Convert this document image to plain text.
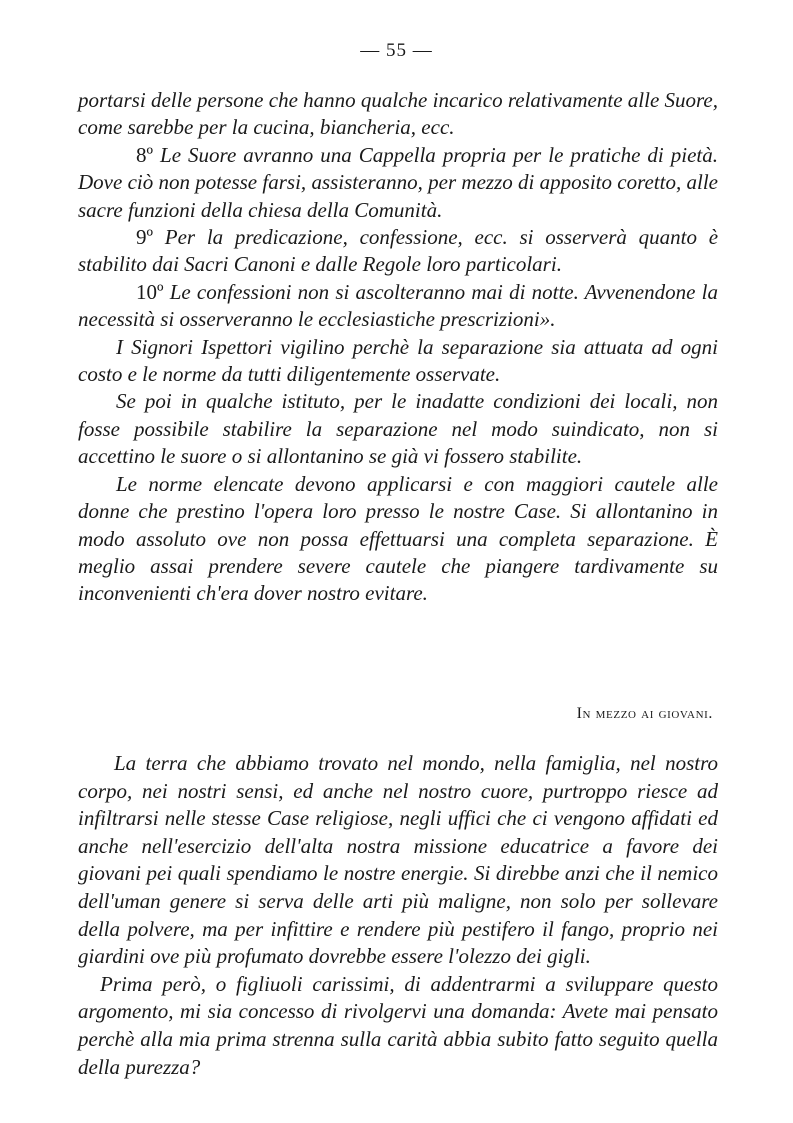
— 55 —

portarsi delle persone che hanno qualche incarico relativamente alle Suore, come sarebbe per la cucina, biancheria, ecc.

8º Le Suore avranno una Cappella propria per le pratiche di pietà. Dove ciò non potesse farsi, assisteranno, per mezzo di apposito coretto, alle sacre funzioni della chiesa della Comunità.

9º Per la predicazione, confessione, ecc. si osserverà quanto è stabilito dai Sacri Canoni e dalle Regole loro particolari.

10º Le confessioni non si ascolteranno mai di notte. Avvenendone la necessità si osserveranno le ecclesiastiche prescrizioni».

I Signori Ispettori vigilino perchè la separazione sia attuata ad ogni costo e le norme da tutti diligentemente osservate.

Se poi in qualche istituto, per le inadatte condizioni dei locali, non fosse possibile stabilire la separazione nel modo suindicato, non si accettino le suore o si allontanino se già vi fossero stabilite.

Le norme elencate devono applicarsi e con maggiori cautele alle donne che prestino l'opera loro presso le nostre Case. Si allontanino in modo assoluto ove non possa effettuarsi una completa separazione. È meglio assai prendere severe cautele che piangere tardivamente su inconvenienti ch'era dover nostro evitare.

In mezzo ai giovani.

La terra che abbiamo trovato nel mondo, nella famiglia, nel nostro corpo, nei nostri sensi, ed anche nel nostro cuore, purtroppo riesce ad infiltrarsi nelle stesse Case religiose, negli uffici che ci vengono affidati ed anche nell'esercizio dell'alta nostra missione educatrice a favore dei giovani pei quali spendiamo le nostre energie. Si direbbe anzi che il nemico dell'uman genere si serva delle arti più maligne, non solo per sollevare della polvere, ma per infittire e rendere più pestifero il fango, proprio nei giardini ove più profumato dovrebbe essere l'olezzo dei gigli.

Prima però, o figliuoli carissimi, di addentrarmi a sviluppare questo argomento, mi sia concesso di rivolgervi una domanda: Avete mai pensato perchè alla mia prima strenna sulla carità abbia subito fatto seguito quella della purezza?
